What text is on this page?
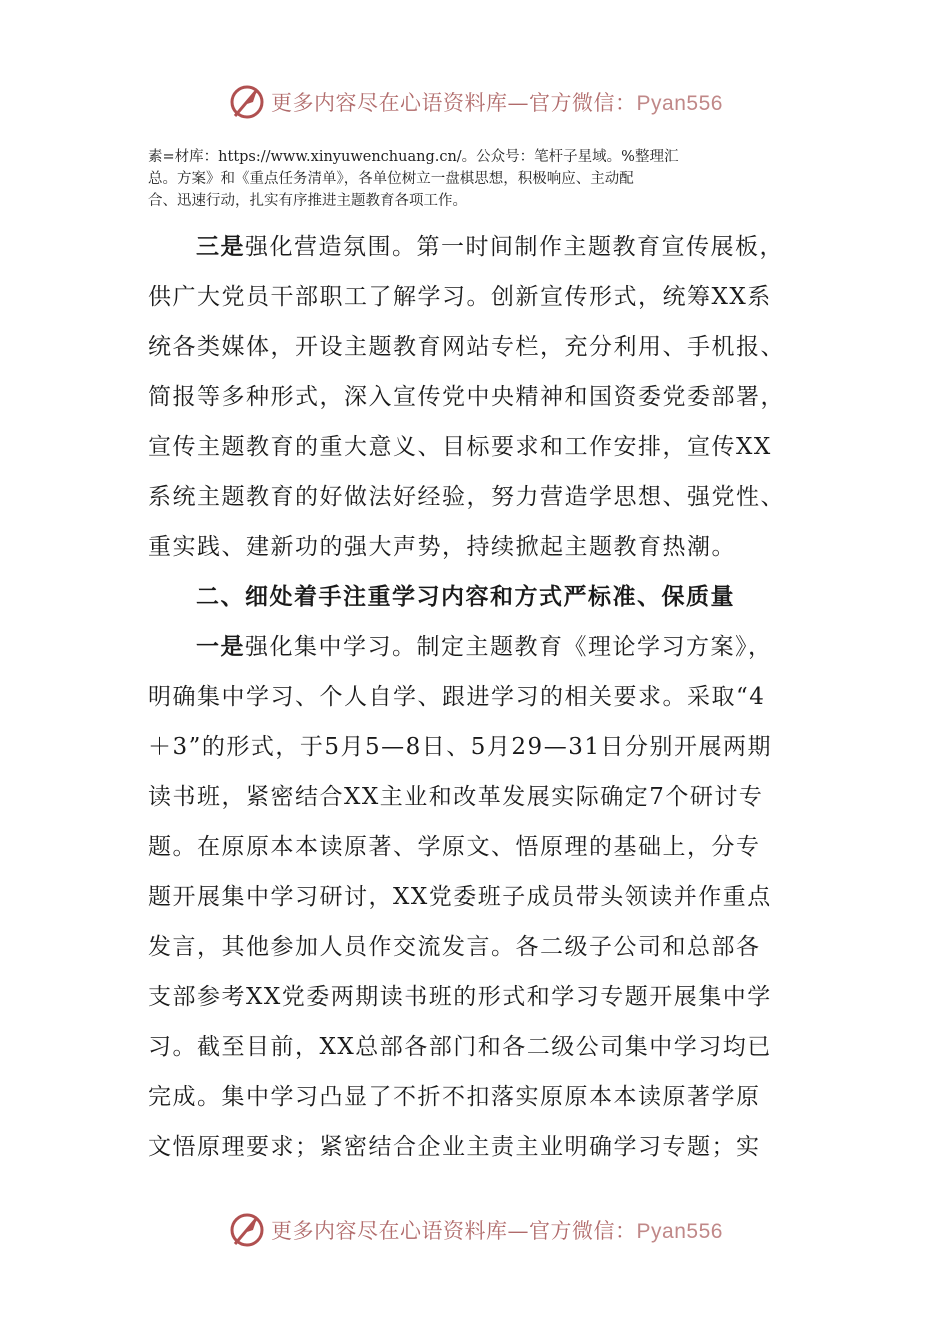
更多内容尽在心语资料库—官方微信：Pyan556

素=材库：https://www.xinyuwenchuang.cn/。公众号：笔杆子星域。%整理汇

总。方案》和《重点任务清单》，各单位树立一盘棋思想，积极响应、主动配

合、迅速行动，扎实有序推进主题教育各项工作。

三是强化营造氛围。第一时间制作主题教育宣传展板，
供广大党员干部职工了解学习。创新宣传形式，统筹XX系
统各类媒体，开设主题教育网站专栏，充分利用、手机报、
简报等多种形式，深入宣传党中央精神和国资委党委部署，
宣传主题教育的重大意义、目标要求和工作安排，宣传XX
系统主题教育的好做法好经验，努力营造学思想、强党性、
重实践、建新功的强大声势，持续掀起主题教育热潮。
二、细处着手注重学习内容和方式严标准、保质量
一是强化集中学习。制定主题教育《理论学习方案》，
明确集中学习、个人自学、跟进学习的相关要求。采取“4
＋3”的形式，于5月5—8日、5月29—31日分别开展两期
读书班，紧密结合XX主业和改革发展实际确定7个研讨专
题。在原原本本读原著、学原文、悟原理的基础上，分专
题开展集中学习研讨，XX党委班子成员带头领读并作重点
发言，其他参加人员作交流发言。各二级子公司和总部各
支部参考XX党委两期读书班的形式和学习专题开展集中学
习。截至目前，XX总部各部门和各二级公司集中学习均已
完成。集中学习凸显了不折不扣落实原原本本读原著学原
文悟原理要求；紧密结合企业主责主业明确学习专题；实
更多内容尽在心语资料库—官方微信：Pyan556
